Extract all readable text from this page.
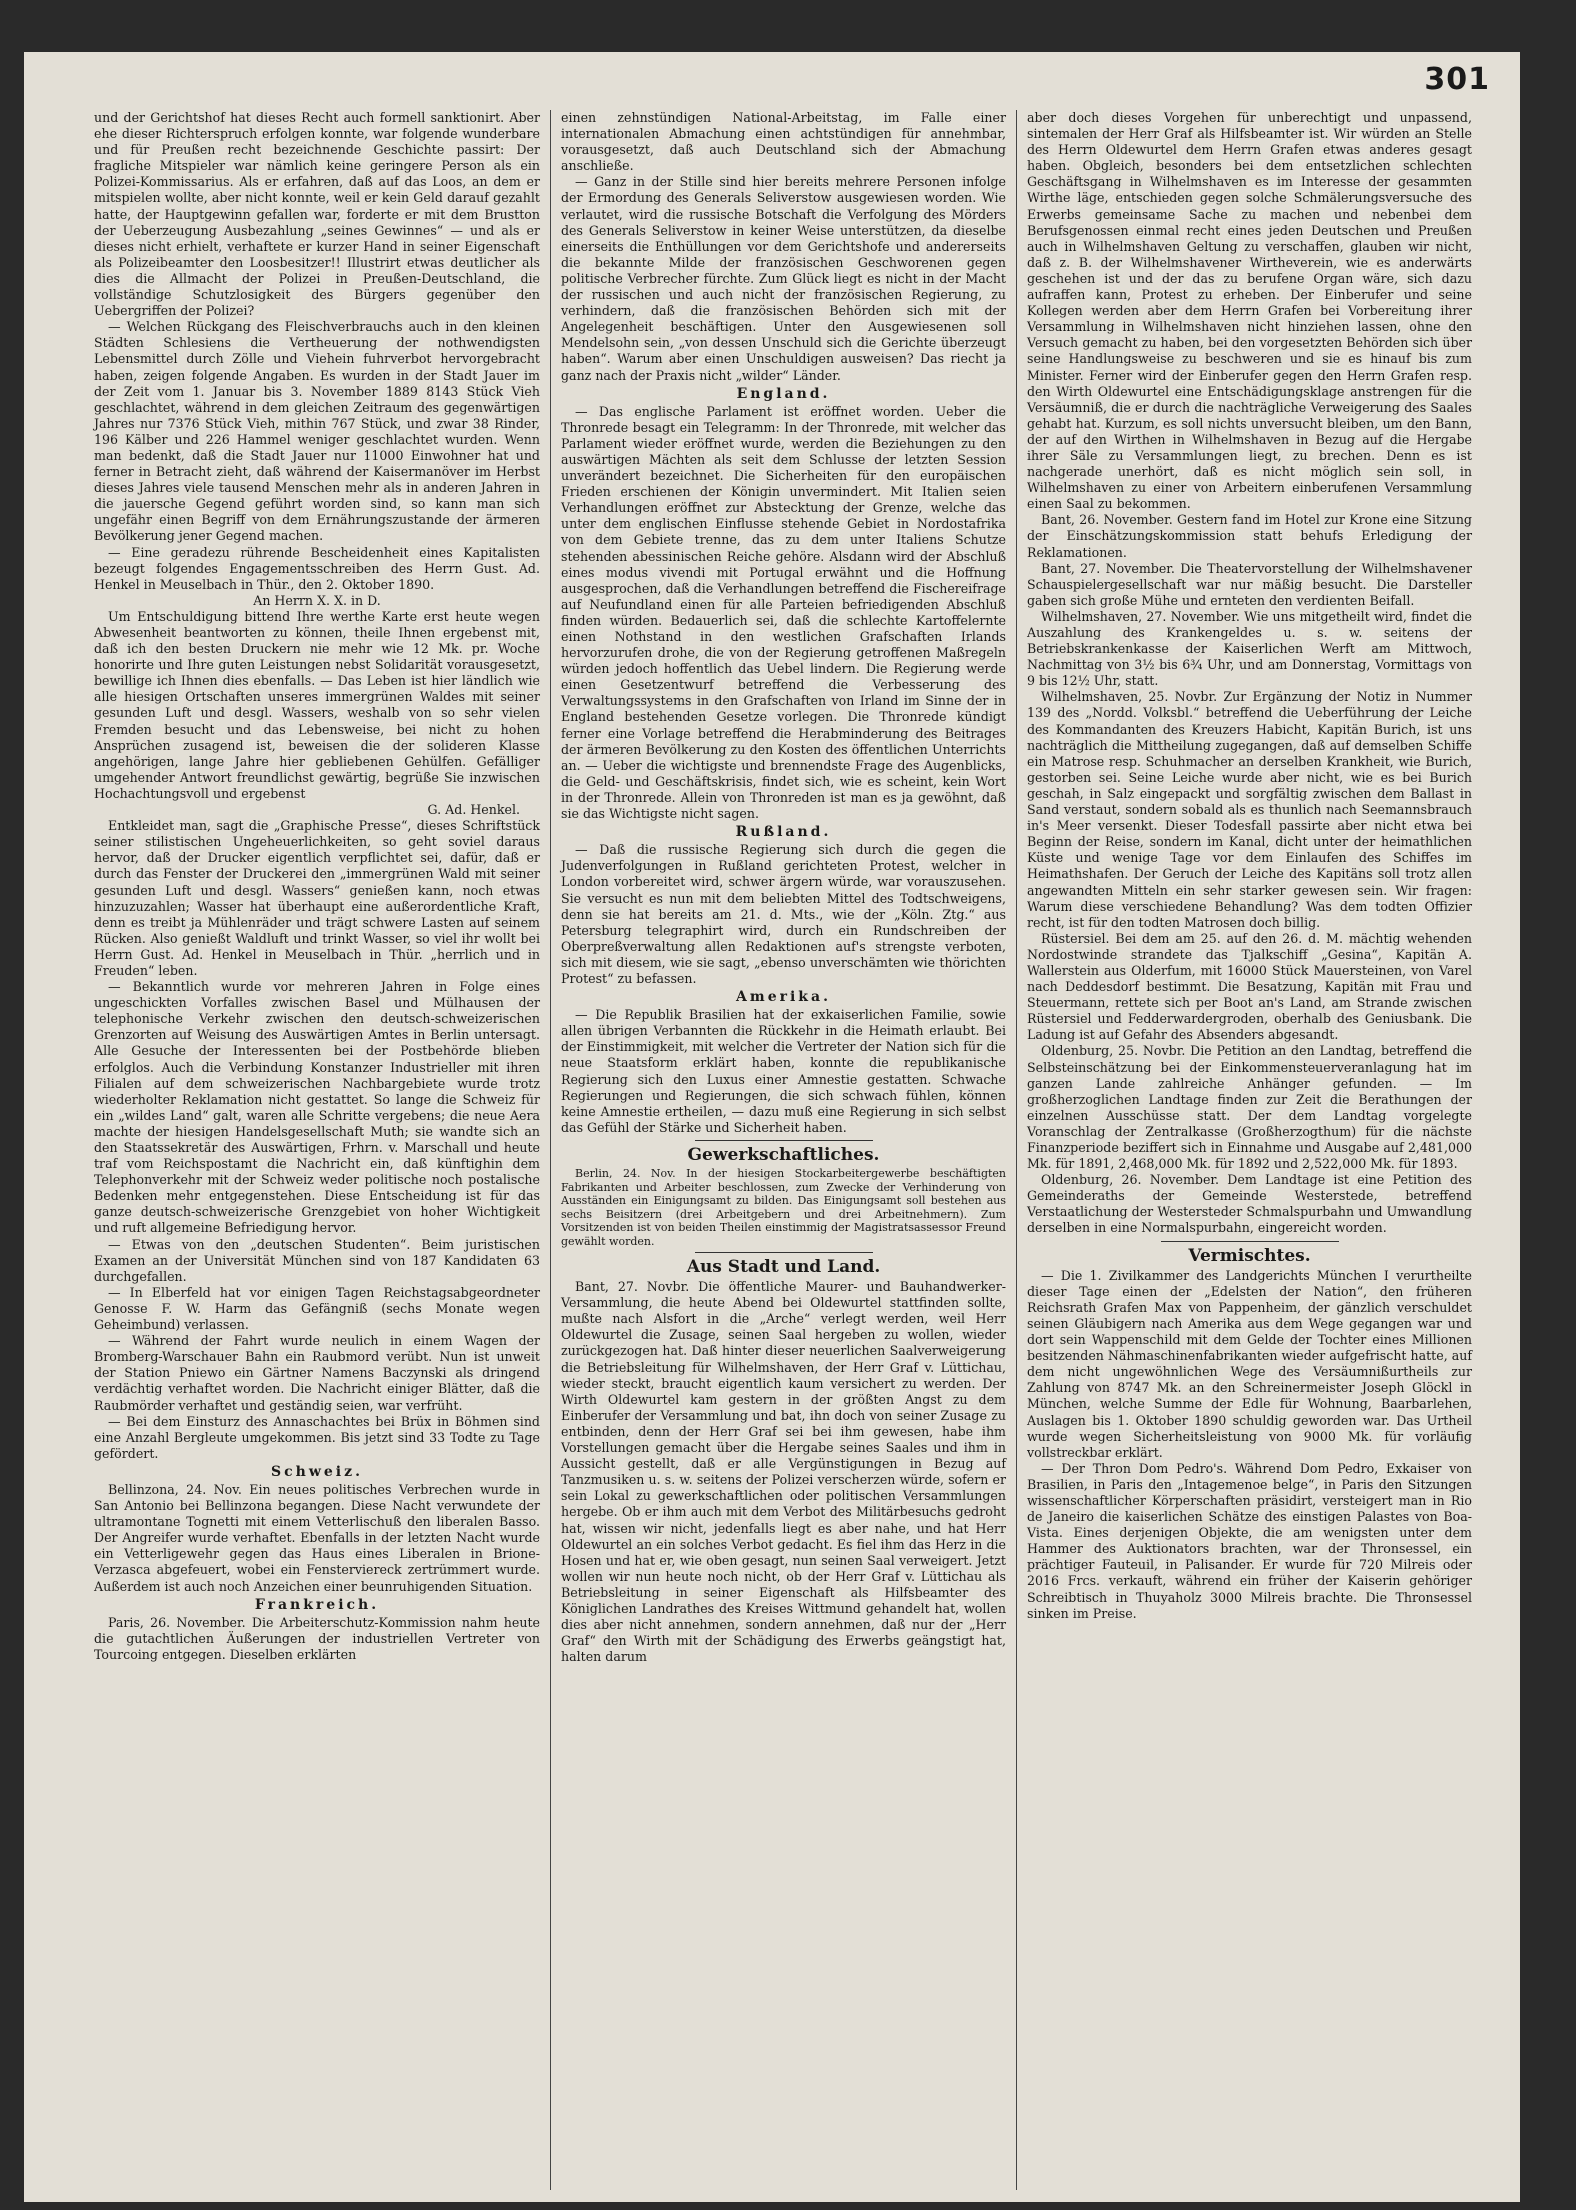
301

und der Gerichtshof hat dieses Recht auch formell sanktionirt. Aber ehe dieser Richterspruch erfolgen konnte, war folgende wunderbare und für Preußen recht bezeichnende Geschichte passirt: Der fragliche Mitspieler war nämlich keine geringere Person als ein Polizei-Kommissarius. Als er erfahren, daß auf das Loos, an dem er mitspielen wollte, aber nicht konnte, weil er kein Geld darauf gezahlt hatte, der Hauptgewinn gefallen war, forderte er mit dem Brustton der Ueberzeugung Ausbezahlung „seines Gewinnes“ — und als er dieses nicht erhielt, verhaftete er kurzer Hand in seiner Eigenschaft als Polizeibeamter den Loosbesitzer!! Illustrirt etwas deutlicher als dies die Allmacht der Polizei in Preußen-Deutschland, die vollständige Schutzlosigkeit des Bürgers gegenüber den Uebergriffen der Polizei?

— Welchen Rückgang des Fleischverbrauchs auch in den kleinen Städten Schlesiens die Vertheuerung der nothwendigsten Lebensmittel durch Zölle und Viehein fuhrverbot hervorgebracht haben, zeigen folgende Angaben. Es wurden in der Stadt Jauer im der Zeit vom 1. Januar bis 3. November 1889 8143 Stück Vieh geschlachtet, während in dem gleichen Zeitraum des gegenwärtigen Jahres nur 7376 Stück Vieh, mithin 767 Stück, und zwar 38 Rinder, 196 Kälber und 226 Hammel weniger geschlachtet wurden. Wenn man bedenkt, daß die Stadt Jauer nur 11000 Einwohner hat und ferner in Betracht zieht, daß während der Kaisermanöver im Herbst dieses Jahres viele tausend Menschen mehr als in anderen Jahren in die jauersche Gegend geführt worden sind, so kann man sich ungefähr einen Begriff von dem Ernährungszustande der ärmeren Bevölkerung jener Gegend machen.

— Eine geradezu rührende Bescheidenheit eines Kapitalisten bezeugt folgendes Engagementsschreiben des Herrn Gust. Ad. Henkel in Meuselbach in Thür., den 2. Oktober 1890.

An Herrn X. X. in D.

Um Entschuldigung bittend Ihre werthe Karte erst heute wegen Abwesenheit beantworten zu können, theile Ihnen ergebenst mit, daß ich den besten Druckern nie mehr wie 12 Mk. pr. Woche honorirte und Ihre guten Leistungen nebst Solidarität vorausgesetzt, bewillige ich Ihnen dies ebenfalls. — Das Leben ist hier ländlich wie alle hiesigen Ortschaften unseres immergrünen Waldes mit seiner gesunden Luft und desgl. Wassers, weshalb von so sehr vielen Fremden besucht und das Lebensweise, bei nicht zu hohen Ansprüchen zusagend ist, beweisen die der soliderеn Klasse angehörigen, lange Jahre hier gebliebenen Gehülfen. Gefälliger umgehender Antwort freundlichst gewärtig, begrüße Sie inzwischen Hochachtungsvoll und ergebenst

G. Ad. Henkel.

Entkleidet man, sagt die „Graphische Presse“, dieses Schriftstück seiner stilistischen Ungeheuerlichkeiten, so geht soviel daraus hervor, daß der Drucker eigentlich verpflichtet sei, dafür, daß er durch das Fenster der Druckerei den „immergrünen Wald mit seiner gesunden Luft und desgl. Wassers“ genießen kann, noch etwas hinzuzuzahlen; Wasser hat überhaupt eine außerordentliche Kraft, denn es treibt ja Mühlenräder und trägt schwere Lasten auf seinem Rücken. Also genießt Waldluft und trinkt Wasser, so viel ihr wollt bei Herrn Gust. Ad. Henkel in Meuselbach in Thür. „herrlich und in Freuden“ leben.

— Bekanntlich wurde vor mehreren Jahren in Folge eines ungeschickten Vorfalles zwischen Basel und Mülhausen der telephonische Verkehr zwischen den deutsch-schweizerischen Grenzorten auf Weisung des Auswärtigen Amtes in Berlin untersagt. Alle Gesuche der Interessenten bei der Postbehörde blieben erfolglos. Auch die Verbindung Konstanzer Industrieller mit ihren Filialen auf dem schweizerischen Nachbargebiete wurde trotz wiederholter Reklamation nicht gestattet. So lange die Schweiz für ein „wildes Land“ galt, waren alle Schritte vergebens; die neue Aera machte der hiesigen Handelsgesellschaft Muth; sie wandte sich an den Staatssekretär des Auswärtigen, Frhrn. v. Marschall und heute traf vom Reichspostamt die Nachricht ein, daß künftighin dem Telephonverkehr mit der Schweiz weder politische noch postalische Bedenken mehr entgegenstehen. Diese Entscheidung ist für das ganze deutsch-schweizerische Grenzgebiet von hoher Wichtigkeit und ruft allgemeine Befriedigung hervor.

— Etwas von den „deutschen Studenten“. Beim juristischen Examen an der Universität München sind von 187 Kandidaten 63 durchgefallen.

— In Elberfeld hat vor einigen Tagen Reichstagsabgeordneter Genosse F. W. Harm das Gefängniß (sechs Monate wegen Geheimbund) verlassen.

— Während der Fahrt wurde neulich in einem Wagen der Bromberg-Warschauer Bahn ein Raubmord verübt. Nun ist unweit der Station Pniewo ein Gärtner Namens Baczynski als dringend verdächtig verhaftet worden. Die Nachricht einiger Blätter, daß die Raubmörder verhaftet und geständig seien, war verfrüht.

— Bei dem Einsturz des Annaschachtes bei Brüx in Böhmen sind eine Anzahl Bergleute umgekommen. Bis jetzt sind 33 Todte zu Tage gefördert.

Schweiz.

Bellinzona, 24. Nov. Ein neues politisches Verbrechen wurde in San Antonio bei Bellinzona begangen. Diese Nacht verwundete der ultramontane Tognetti mit einem Vetterlischuß den liberalen Basso. Der Angreifer wurde verhaftet. Ebenfalls in der letzten Nacht wurde ein Vetterligewehr gegen das Haus eines Liberalen in Brione-Verzasca abgefeuert, wobei ein Fensterviereck zertrümmert wurde. Außerdem ist auch noch Anzeichen einer beunruhigenden Situation.

Frankreich.

Paris, 26. November. Die Arbeiterschutz-Kommission nahm heute die gutachtlichen Äußerungen der industriellen Vertreter von Tourcoing entgegen. Dieselben erklärten

einen zehnstündigen National-Arbeitstag, im Falle einer internationalen Abmachung einen achtstündigen für annehmbar, vorausgesetzt, daß auch Deutschland sich der Abmachung anschließe.

— Ganz in der Stille sind hier bereits mehrere Personen infolge der Ermordung des Generals Seliverstow ausgewiesen worden. Wie verlautet, wird die russische Botschaft die Verfolgung des Mörders des Generals Seliverstow in keiner Weise unterstützen, da dieselbe einerseits die Enthüllungen vor dem Gerichtshofe und andererseits die bekannte Milde der französischen Geschworenen gegen politische Verbrecher fürchte. Zum Glück liegt es nicht in der Macht der russischen und auch nicht der französischen Regierung, zu verhindern, daß die französischen Behörden sich mit der Angelegenheit beschäftigen. Unter den Ausgewiesenen soll Mendelsohn sein, „von dessen Unschuld sich die Gerichte überzeugt haben“. Warum aber einen Unschuldigen ausweisen? Das riecht ja ganz nach der Praxis nicht „wilder“ Länder.

England.

— Das englische Parlament ist eröffnet worden. Ueber die Thronrede besagt ein Telegramm: In der Thronrede, mit welcher das Parlament wieder eröffnet wurde, werden die Beziehungen zu den auswärtigen Mächten als seit dem Schlusse der letzten Session unverändert bezeichnet. Die Sicherheiten für den europäischen Frieden erschienen der Königin unvermindert. Mit Italien seien Verhandlungen eröffnet zur Abstecktung der Grenze, welche das unter dem englischen Einflusse stehende Gebiet in Nordostafrika von dem Gebiete trenne, das zu dem unter Italiens Schutze stehenden abessinischen Reiche gehöre. Alsdann wird der Abschluß eines modus vivendi mit Portugal erwähnt und die Hoffnung ausgesprochen, daß die Verhandlungen betreffend die Fischereifrage auf Neufundland einen für alle Parteien befriedigenden Abschluß finden würden. Bedauerlich sei, daß die schlechte Kartoffelernte einen Nothstand in den westlichen Grafschaften Irlands hervorzurufen drohe, die von der Regierung getroffenen Maßregeln würden jedoch hoffentlich das Uebel lindern. Die Regierung werde einen Gesetzentwurf betreffend die Verbesserung des Verwaltungssystems in den Grafschaften von Irland im Sinne der in England bestehenden Gesetze vorlegen. Die Thronrede kündigt ferner eine Vorlage betreffend die Herabminderung des Beitrages der ärmeren Bevölkerung zu den Kosten des öffentlichen Unterrichts an. — Ueber die wichtigste und brennendste Frage des Augenblicks, die Geld- und Geschäftskrisis, findet sich, wie es scheint, kein Wort in der Thronrede. Allein von Thronreden ist man es ja gewöhnt, daß sie das Wichtigste nicht sagen.

Rußland.

— Daß die russische Regierung sich durch die gegen die Judenverfolgungen in Rußland gerichteten Protest, welcher in London vorbereitet wird, schwer ärgern würde, war vorauszusehen. Sie versucht es nun mit dem beliebten Mittel des Todtschweigens, denn sie hat bereits am 21. d. Mts., wie der „Köln. Ztg.“ aus Petersburg telegraphirt wird, durch ein Rundschreiben der Oberpreßverwaltung allen Redaktionen auf's strengste verboten, sich mit diesem, wie sie sagt, „ebenso unverschämten wie thörichten Protest“ zu befassen.

Amerika.

— Die Republik Brasilien hat der exkaiserlichen Familie, sowie allen übrigen Verbannten die Rückkehr in die Heimath erlaubt. Bei der Einstimmigkeit, mit welcher die Vertreter der Nation sich für die neue Staatsform erklärt haben, konnte die republikanische Regierung sich den Luxus einer Amnestie gestatten. Schwache Regierungen und Regierungen, die sich schwach fühlen, können keine Amnestie ertheilen, — dazu muß eine Regierung in sich selbst das Gefühl der Stärke und Sicherheit haben.

Gewerkschaftliches.

Berlin, 24. Nov. In der hiesigen Stockarbeitergewerbe beschäftigten Fabrikanten und Arbeiter beschlossen, zum Zwecke der Verhinderung von Ausständen ein Einigungsamt zu bilden. Das Einigungsamt soll bestehen aus sechs Beisitzern (drei Arbeitgebern und drei Arbeitnehmern). Zum Vorsitzenden ist von beiden Theilen einstimmig der Magistratsassessor Freund gewählt worden.

Aus Stadt und Land.

Bant, 27. Novbr. Die öffentliche Maurer- und Bauhandwerker-Versammlung, die heute Abend bei Oldewurtel stattfinden sollte, mußte nach Alsfort in die „Arche“ verlegt werden, weil Herr Oldewurtel die Zusage, seinen Saal hergeben zu wollen, wieder zurückgezogen hat. Daß hinter dieser neuerlichen Saalverweigerung die Betriebsleitung für Wilhelmshaven, der Herr Graf v. Lüttichau, wieder steckt, braucht eigentlich kaum versichert zu werden. Der Wirth Oldewurtel kam gestern in der größten Angst zu dem Einberufer der Versammlung und bat, ihn doch von seiner Zusage zu entbinden, denn der Herr Graf sei bei ihm gewesen, habe ihm Vorstellungen gemacht über die Hergabe seines Saales und ihm in Aussicht gestellt, daß er alle Vergünstigungen in Bezug auf Tanzmusiken u. s. w. seitens der Polizei verscherzen würde, sofern er sein Lokal zu gewerkschaftlichen oder politischen Versammlungen hergebe. Ob er ihm auch mit dem Verbot des Militärbesuchs gedroht hat, wissen wir nicht, jedenfalls liegt es aber nahe, und hat Herr Oldewurtel an ein solches Verbot gedacht. Es fiel ihm das Herz in die Hosen und hat er, wie oben gesagt, nun seinen Saal verweigert. Jetzt wollen wir nun heute noch nicht, ob der Herr Graf v. Lüttichau als Betriebsleitung in seiner Eigenschaft als Hilfsbeamter des Königlichen Landrathes des Kreises Wittmund gehandelt hat, wollen dies aber nicht annehmen, sondern annehmen, daß nur der „Herr Graf“ den Wirth mit der Schädigung des Erwerbs geängstigt hat, halten darum

aber doch dieses Vorgehen für unberechtigt und unpassend, sintemalen der Herr Graf als Hilfsbeamter ist. Wir würden an Stelle des Herrn Oldewurtel dem Herrn Grafen etwas anderes gesagt haben. Obgleich, besonders bei dem entsetzlichen schlechten Geschäftsgang in Wilhelmshaven es im Interesse der gesammten Wirthe läge, entschieden gegen solche Schmälerungsversuche des Erwerbs gemeinsame Sache zu machen und nebenbei dem Berufsgenossen einmal recht eines jeden Deutschen und Preußen auch in Wilhelmshaven Geltung zu verschaffen, glauben wir nicht, daß z. B. der Wilhelmshavener Wirtheverein, wie es anderwärts geschehen ist und der das zu berufene Organ wäre, sich dazu aufraffen kann, Protest zu erheben. Der Einberufer und seine Kollegen werden aber dem Herrn Grafen bei Vorbereitung ihrer Versammlung in Wilhelmshaven nicht hinziehen lassen, ohne den Versuch gemacht zu haben, bei den vorgesetzten Behörden sich über seine Handlungsweise zu beschweren und sie es hinauf bis zum Minister. Ferner wird der Einberufer gegen den Herrn Grafen resp. den Wirth Oldewurtel eine Entschädigungsklage anstrengen für die Versäumniß, die er durch die nachträgliche Verweigerung des Saales gehabt hat. Kurzum, es soll nichts unversucht bleiben, um den Bann, der auf den Wirthen in Wilhelmshaven in Bezug auf die Hergabe ihrer Säle zu Versammlungen liegt, zu brechen. Denn es ist nachgerade unerhört, daß es nicht möglich sein soll, in Wilhelmshaven zu einer von Arbeitern einberufenen Versammlung einen Saal zu bekommen.

Bant, 26. November. Gestern fand im Hotel zur Krone eine Sitzung der Einschätzungskommission statt behufs Erledigung der Reklamationen.

Bant, 27. November. Die Theatervorstellung der Wilhelmshavener Schauspielergesellschaft war nur mäßig besucht. Die Darsteller gaben sich große Mühe und ernteten den verdienten Beifall.

Wilhelmshaven, 27. November. Wie uns mitgetheilt wird, findet die Auszahlung des Krankengeldes u. s. w. seitens der Betriebskrankenkasse der Kaiserlichen Werft am Mittwoch, Nachmittag von 3½ bis 6¾ Uhr, und am Donnerstag, Vormittags von 9 bis 12½ Uhr, statt.

Wilhelmshaven, 25. Novbr. Zur Ergänzung der Notiz in Nummer 139 des „Nordd. Volksbl.“ betreffend die Ueberführung der Leiche des Kommandanten des Kreuzers Habicht, Kapitän Burich, ist uns nachträglich die Mittheilung zugegangen, daß auf demselben Schiffe ein Matrose resp. Schuhmacher an derselben Krankheit, wie Burich, gestorben sei. Seine Leiche wurde aber nicht, wie es bei Burich geschah, in Salz eingepackt und sorgfältig zwischen dem Ballast in Sand verstaut, sondern sobald als es thunlich nach Seemannsbrauch in's Meer versenkt. Dieser Todesfall passirte aber nicht etwa bei Beginn der Reise, sondern im Kanal, dicht unter der heimathlichen Küste und wenige Tage vor dem Einlaufen des Schiffes im Heimathshafen. Der Geruch der Leiche des Kapitäns soll trotz allen angewandten Mitteln ein sehr starker gewesen sein. Wir fragen: Warum diese verschiedene Behandlung? Was dem todten Offizier recht, ist für den todten Matrosen doch billig.

Rüstersiel. Bei dem am 25. auf den 26. d. M. mächtig wehenden Nordostwinde strandete das Tjalkschiff „Gesina“, Kapitän A. Wallerstein aus Olderfum, mit 16000 Stück Mauersteinen, von Varel nach Deddesdorf bestimmt. Die Besatzung, Kapitän mit Frau und Steuermann, rettete sich per Boot an's Land, am Strande zwischen Rüstersiel und Fedderwardergroden, oberhalb des Geniusbank. Die Ladung ist auf Gefahr des Absenders abgesandt.

Oldenburg, 25. Novbr. Die Petition an den Landtag, betreffend die Selbsteinschätzung bei der Einkommensteuerveranlagung hat im ganzen Lande zahlreiche Anhänger gefunden. — Im großherzoglichen Landtage finden zur Zeit die Berathungen der einzelnen Ausschüsse statt. Der dem Landtag vorgelegte Voranschlag der Zentralkasse (Großherzogthum) für die nächste Finanzperiode beziffert sich in Einnahme und Ausgabe auf 2,481,000 Mk. für 1891, 2,468,000 Mk. für 1892 und 2,522,000 Mk. für 1893.

Oldenburg, 26. November. Dem Landtage ist eine Petition des Gemeinderaths der Gemeinde Westerstede, betreffend Verstaatlichung der Westersteder Schmalspurbahn und Umwandlung derselben in eine Normalspurbahn, eingereicht worden.

Vermischtes.

— Die 1. Zivilkammer des Landgerichts München I verurtheilte dieser Tage einen der „Edelsten der Nation“, den früheren Reichsrath Grafen Max von Pappenheim, der gänzlich verschuldet seinen Gläubigern nach Amerika aus dem Wege gegangen war und dort sein Wappenschild mit dem Gelde der Tochter eines Millionen besitzenden Nähmaschinenfabrikanten wieder aufgefrischt hatte, auf dem nicht ungewöhnlichen Wege des Versäumnißurtheils zur Zahlung von 8747 Mk. an den Schreinermeister Joseph Glöckl in München, welche Summe der Edle für Wohnung, Baarbarlehen, Auslagen bis 1. Oktober 1890 schuldig geworden war. Das Urtheil wurde wegen Sicherheitsleistung von 9000 Mk. für vorläufig vollstreckbar erklärt.

— Der Thron Dom Pedro's. Während Dom Pedro, Exkaiser von Brasilien, in Paris den „Intagemenoe belge“, in Paris den Sitzungen wissenschaftlicher Körperschaften präsidirt, versteigert man in Rio de Janeiro die kaiserlichen Schätze des einstigen Palastes von Boa-Vista. Eines derjenigen Objekte, die am wenigsten unter dem Hammer des Auktionators brachten, war der Thronsessel, ein prächtiger Fauteuil, in Palisander. Er wurde für 720 Milreis oder 2016 Frcs. verkauft, während ein früher der Kaiserin gehöriger Schreibtisch in Thuyaholz 3000 Milreis brachte. Die Thronsessel sinken im Preise.
